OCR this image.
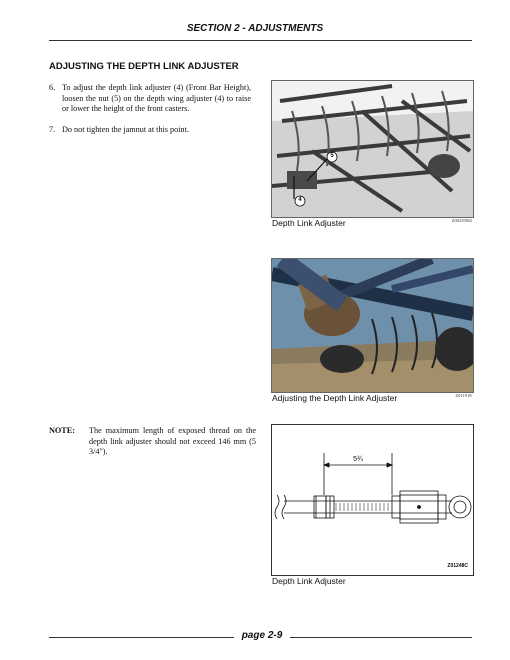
SECTION 2 - ADJUSTMENTS
ADJUSTING THE DEPTH LINK ADJUSTER
6. To adjust the depth link adjuster (4) (Front Bar Height), loosen the nut (5) on the depth wing adjuster (4) to raise or lower the height of the front casters.
7. Do not tighten the jamnut at this point.
NOTE: The maximum length of exposed thread on the depth link adjuster should not exceed 146 mm (5 3/4").
5
4
Depth Link Adjuster	Z00259M2
Adjusting the Depth Link Adjuster	Z01191E
5¾
Z01248C
Depth Link Adjuster
page 2-9
